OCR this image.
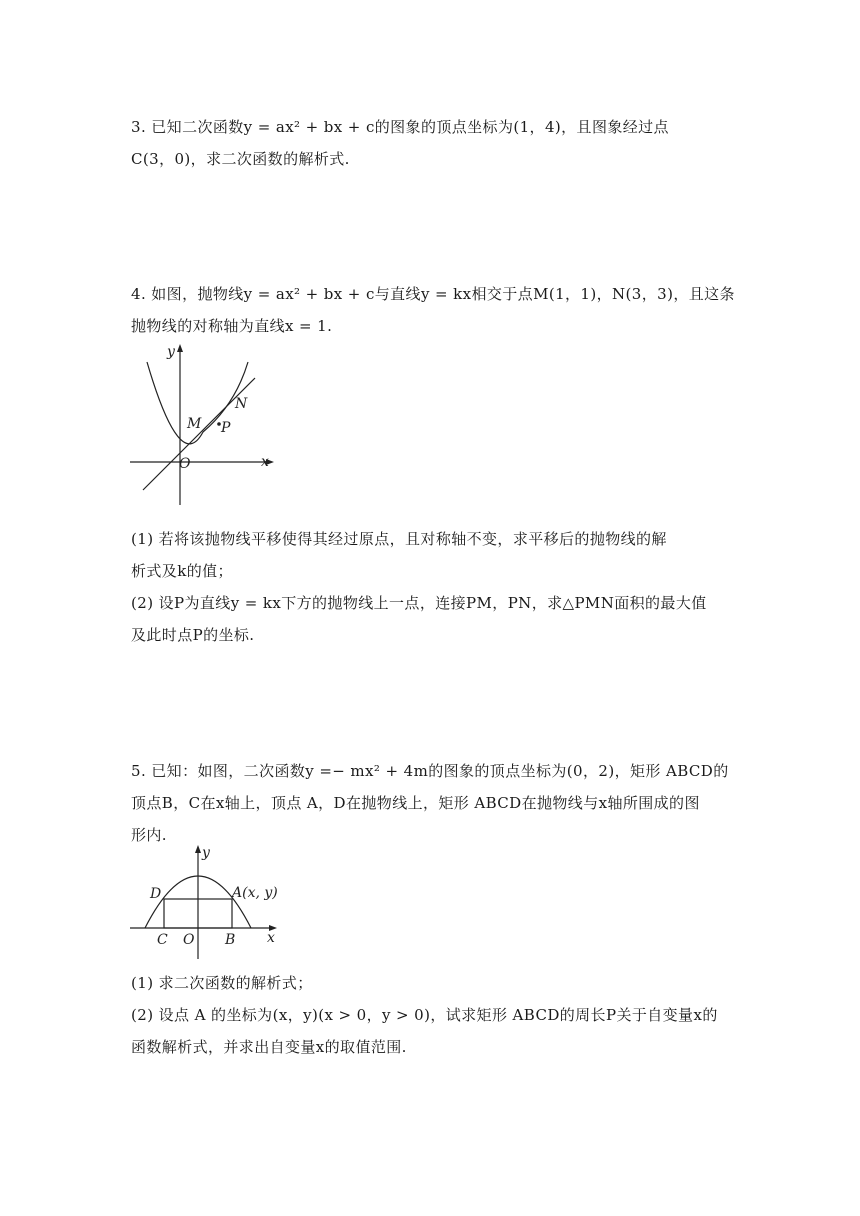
3. 已知二次函数y = ax² + bx + c的图象的顶点坐标为(1，4)，且图象经过点
C(3，0)，求二次函数的解析式.
4. 如图，抛物线y = ax² + bx + c与直线y = kx相交于点M(1，1)，N(3，3)，且这条
抛物线的对称轴为直线x = 1.
y
x
O
M
N
P
(1) 若将该抛物线平移使得其经过原点，且对称轴不变，求平移后的抛物线的解
析式及k的值；
(2) 设P为直线y = kx下方的抛物线上一点，连接PM，PN，求△PMN面积的最大值
及此时点P的坐标.
5. 已知：如图，二次函数y =− mx² + 4m的图象的顶点坐标为(0，2)，矩形 ABCD的
顶点B，C在x轴上，顶点 A，D在抛物线上，矩形 ABCD在抛物线与x轴所围成的图
形内.
y
x
O
A(x, y)
B
C
D
(1) 求二次函数的解析式；
(2) 设点 A 的坐标为(x，y)(x > 0，y > 0)，试求矩形 ABCD的周长P关于自变量x的
函数解析式，并求出自变量x的取值范围.
